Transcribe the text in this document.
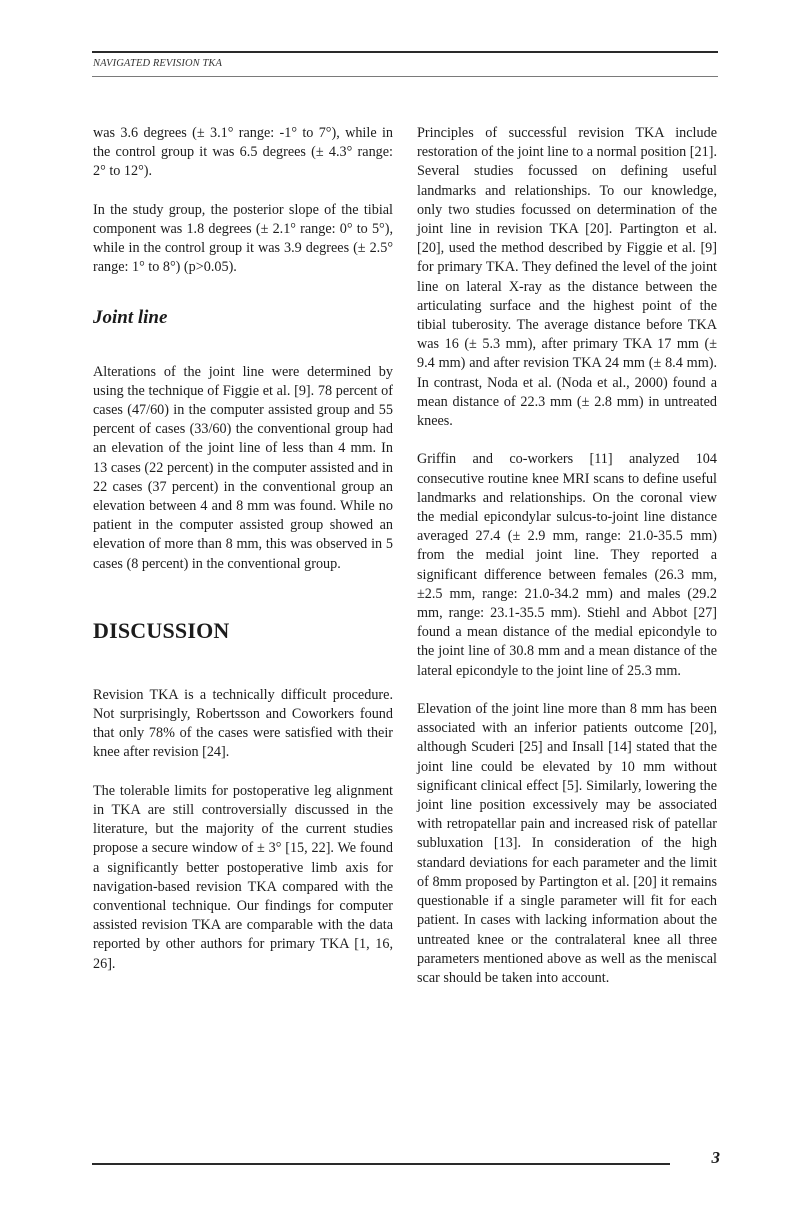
NAVIGATED REVISION TKA

was 3.6 degrees (± 3.1° range: -1° to 7°), while in the control group it was 6.5 degrees (± 4.3° range: 2° to 12°).

In the study group, the posterior slope of the tibial component was 1.8 degrees (± 2.1° range: 0° to 5°), while in the control group it was 3.9 degrees (± 2.5° range: 1° to 8°) (p>0.05).

Joint line

Alterations of the joint line were determined by using the technique of Figgie et al. [9]. 78 percent of cases (47/60) in the computer assisted group and 55 percent of cases (33/60) the conventional group had an elevation of the joint line of less than 4 mm. In 13 cases (22 percent) in the computer assisted and in 22 cases (37 percent) in the conventional group an elevation between 4 and 8 mm was found. While no patient in the computer assisted group showed an elevation of more than 8 mm, this was observed in 5 cases (8 percent) in the conventional group.

DISCUSSION

Revision TKA is a technically difficult procedure. Not surprisingly, Robertsson and Coworkers found that only 78% of the cases were satisfied with their knee after revision [24].

The tolerable limits for postoperative leg alignment in TKA are still controversially discussed in the literature, but the majority of the current studies propose a secure window of ± 3° [15, 22]. We found a significantly better postoperative limb axis for navigation-based revision TKA compared with the conventional technique. Our findings for computer assisted revision TKA are comparable with the data reported by other authors for primary TKA [1, 16, 26].

Principles of successful revision TKA include restoration of the joint line to a normal position [21]. Several studies focussed on defining useful landmarks and relationships. To our knowledge, only two studies focussed on determination of the joint line in revision TKA [20]. Partington et al. [20], used the method described by Figgie et al. [9] for primary TKA. They defined the level of the joint line on lateral X-ray as the distance between the articulating surface and the highest point of the tibial tuberosity. The average distance before TKA was 16 (± 5.3 mm), after primary TKA 17 mm (± 9.4 mm) and after revision TKA 24 mm (± 8.4 mm). In contrast, Noda et al. (Noda et al., 2000) found a mean distance of 22.3 mm (± 2.8 mm) in untreated knees.

Griffin and co-workers [11] analyzed 104 consecutive routine knee MRI scans to define useful landmarks and relationships. On the coronal view the medial epicondylar sulcus-to-joint line distance averaged 27.4 (± 2.9 mm, range: 21.0-35.5 mm) from the medial joint line. They reported a significant difference between females (26.3 mm, ±2.5 mm, range: 21.0-34.2 mm) and males (29.2 mm, range: 23.1-35.5 mm). Stiehl and Abbot [27] found a mean distance of the medial epicondyle to the joint line of 30.8 mm and a mean distance of the lateral epicondyle to the joint line of 25.3 mm.

Elevation of the joint line more than 8 mm has been associated with an inferior patients outcome [20], although Scuderi [25] and Insall [14] stated that the joint line could be elevated by 10 mm without significant clinical effect [5]. Similarly, lowering the joint line position excessively may be associated with retropatellar pain and increased risk of patellar subluxation [13]. In consideration of the high standard deviations for each parameter and the limit of 8mm proposed by Partington et al. [20] it remains questionable if a single parameter will fit for each patient. In cases with lacking information about the untreated knee or the contralateral knee all three parameters mentioned above as well as the meniscal scar should be taken into account.

3
